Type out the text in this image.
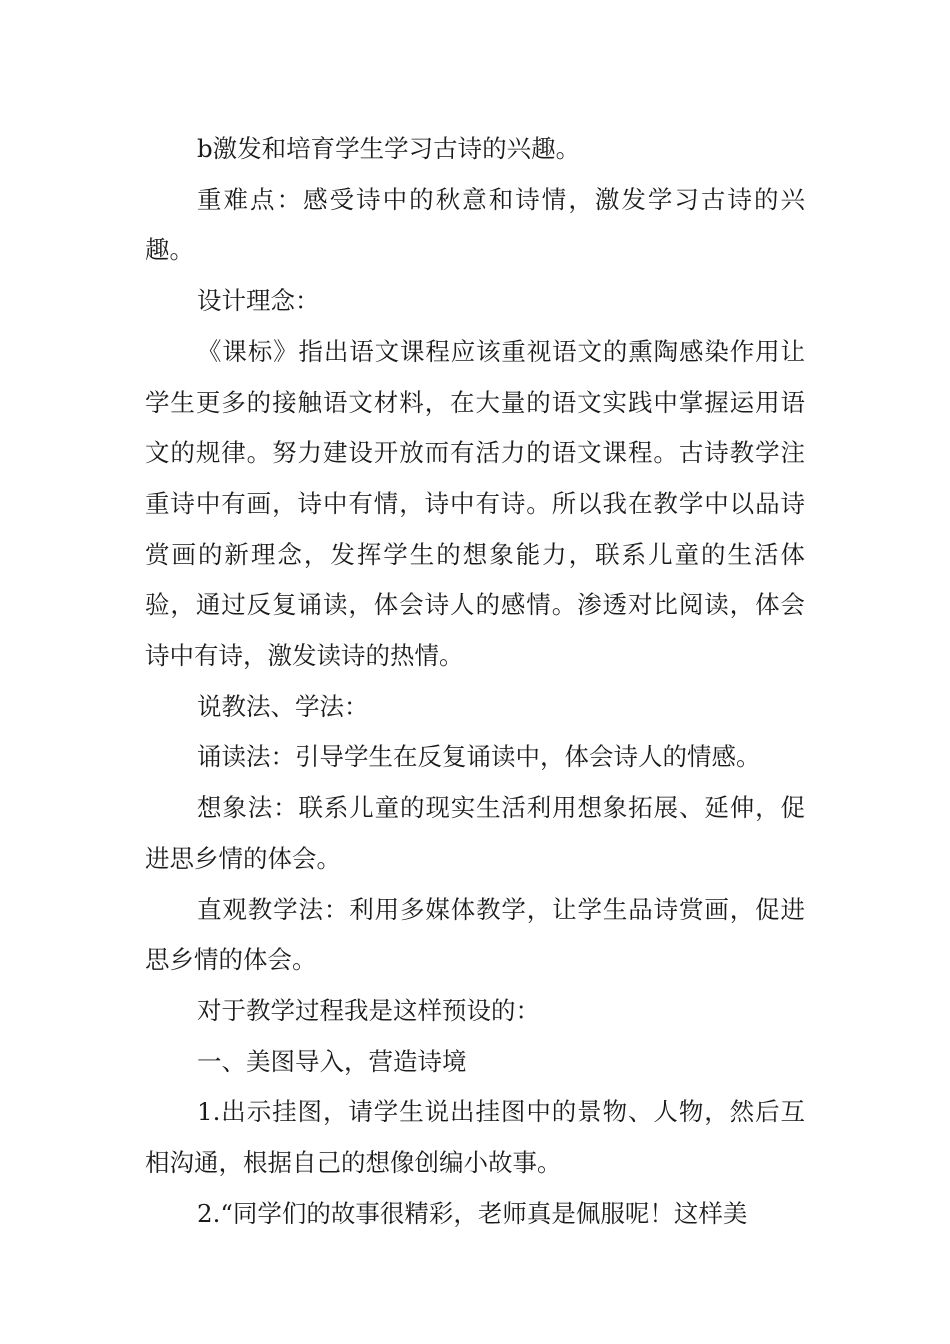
b激发和培育学生学习古诗的兴趣。

重难点：感受诗中的秋意和诗情，激发学习古诗的兴趣。

设计理念：

《课标》指出语文课程应该重视语文的熏陶感染作用让学生更多的接触语文材料，在大量的语文实践中掌握运用语文的规律。努力建设开放而有活力的语文课程。古诗教学注重诗中有画，诗中有情，诗中有诗。所以我在教学中以品诗赏画的新理念，发挥学生的想象能力，联系儿童的生活体验，通过反复诵读，体会诗人的感情。渗透对比阅读，体会诗中有诗，激发读诗的热情。

说教法、学法：

诵读法：引导学生在反复诵读中，体会诗人的情感。

想象法：联系儿童的现实生活利用想象拓展、延伸，促进思乡情的体会。

直观教学法：利用多媒体教学，让学生品诗赏画，促进思乡情的体会。

对于教学过程我是这样预设的：

一、美图导入，营造诗境

1.出示挂图，请学生说出挂图中的景物、人物，然后互相沟通，根据自己的想像创编小故事。

2.“同学们的故事很精彩，老师真是佩服呢！这样美
